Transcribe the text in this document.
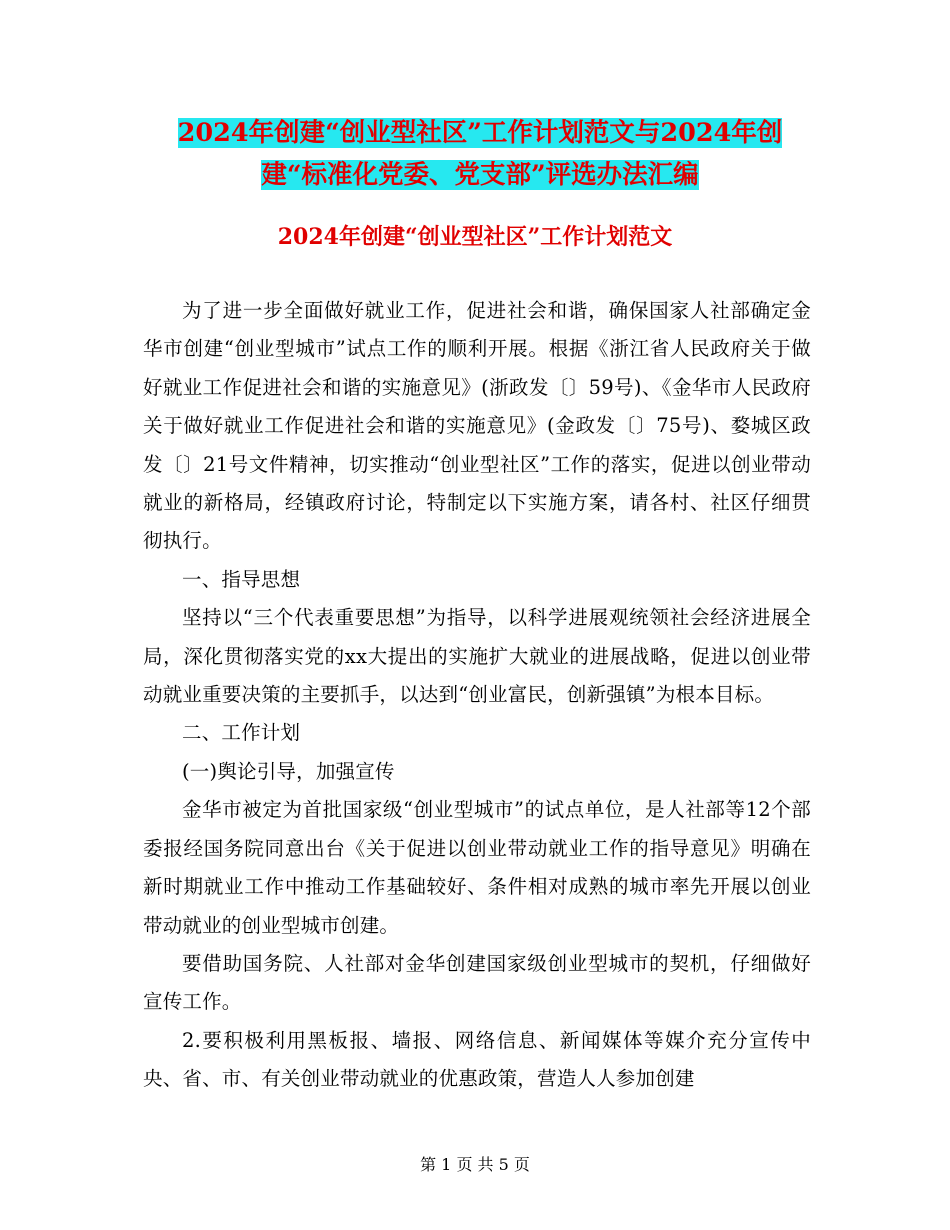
2024年创建“创业型社区”工作计划范文与2024年创
建“标准化党委、党支部”评选办法汇编
2024年创建“创业型社区”工作计划范文

为了进一步全面做好就业工作，促进社会和谐，确保国家人社部确定金华市创建“创业型城市”试点工作的顺利开展。根据《浙江省人民政府关于做好就业工作促进社会和谐的实施意见》(浙政发〔〕59号)、《金华市人民政府关于做好就业工作促进社会和谐的实施意见》(金政发〔〕75号)、婺城区政发〔〕21号文件精神，切实推动“创业型社区”工作的落实，促进以创业带动就业的新格局，经镇政府讨论，特制定以下实施方案，请各村、社区仔细贯彻执行。

一、指导思想

坚持以“三个代表重要思想”为指导，以科学进展观统领社会经济进展全局，深化贯彻落实党的xx大提出的实施扩大就业的进展战略，促进以创业带动就业重要决策的主要抓手，以达到“创业富民，创新强镇”为根本目标。

二、工作计划

(一)舆论引导，加强宣传

金华市被定为首批国家级“创业型城市”的试点单位，是人社部等12个部委报经国务院同意出台《关于促进以创业带动就业工作的指导意见》明确在新时期就业工作中推动工作基础较好、条件相对成熟的城市率先开展以创业带动就业的创业型城市创建。

要借助国务院、人社部对金华创建国家级创业型城市的契机，仔细做好宣传工作。

2.要积极利用黑板报、墙报、网络信息、新闻媒体等媒介充分宣传中央、省、市、有关创业带动就业的优惠政策，营造人人参加创建

第 1 页 共 5 页
